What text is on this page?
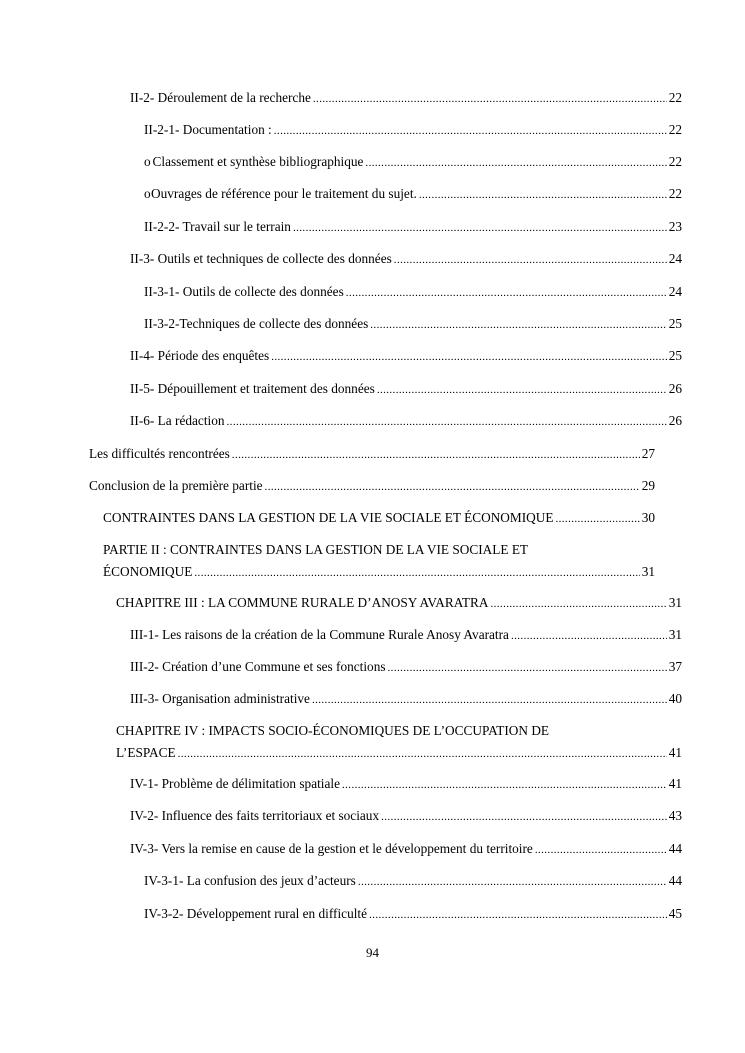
II-2- Déroulement de la recherche .....	22
II-2-1- Documentation : .....	22
o Classement et synthèse bibliographique .....	22
o Ouvrages de référence pour le traitement du sujet. .....	22
II-2-2- Travail sur le terrain .....	23
II-3- Outils et techniques de collecte des données .....	24
II-3-1- Outils de collecte des données .....	24
II-3-2-Techniques de collecte des données .....	25
II-4- Période des enquêtes .....	25
II-5- Dépouillement et traitement des données .....	26
II-6- La rédaction .....	26
Les difficultés rencontrées .....	27
Conclusion de la première partie .....	29
CONTRAINTES DANS LA GESTION DE LA VIE SOCIALE ET ÉCONOMIQUE .....	30
PARTIE II : CONTRAINTES DANS LA GESTION DE LA VIE SOCIALE ET
ÉCONOMIQUE .....	31
CHAPITRE III : LA COMMUNE RURALE D’ANOSY AVARATRA .....	31
III-1- Les raisons de la création de la Commune Rurale Anosy Avaratra .....	31
III-2- Création d’une Commune et ses fonctions .....	37
III-3- Organisation administrative .....	40
CHAPITRE IV : IMPACTS SOCIO-ÉCONOMIQUES DE L’OCCUPATION DE
L’ESPACE .....	41
IV-1- Problème de délimitation spatiale .....	41
IV-2- Influence des faits territoriaux et sociaux .....	43
IV-3- Vers la remise en cause de la gestion et le développement du territoire .....	44
IV-3-1- La confusion des jeux d’acteurs .....	44
IV-3-2- Développement rural en difficulté .....	45
94
